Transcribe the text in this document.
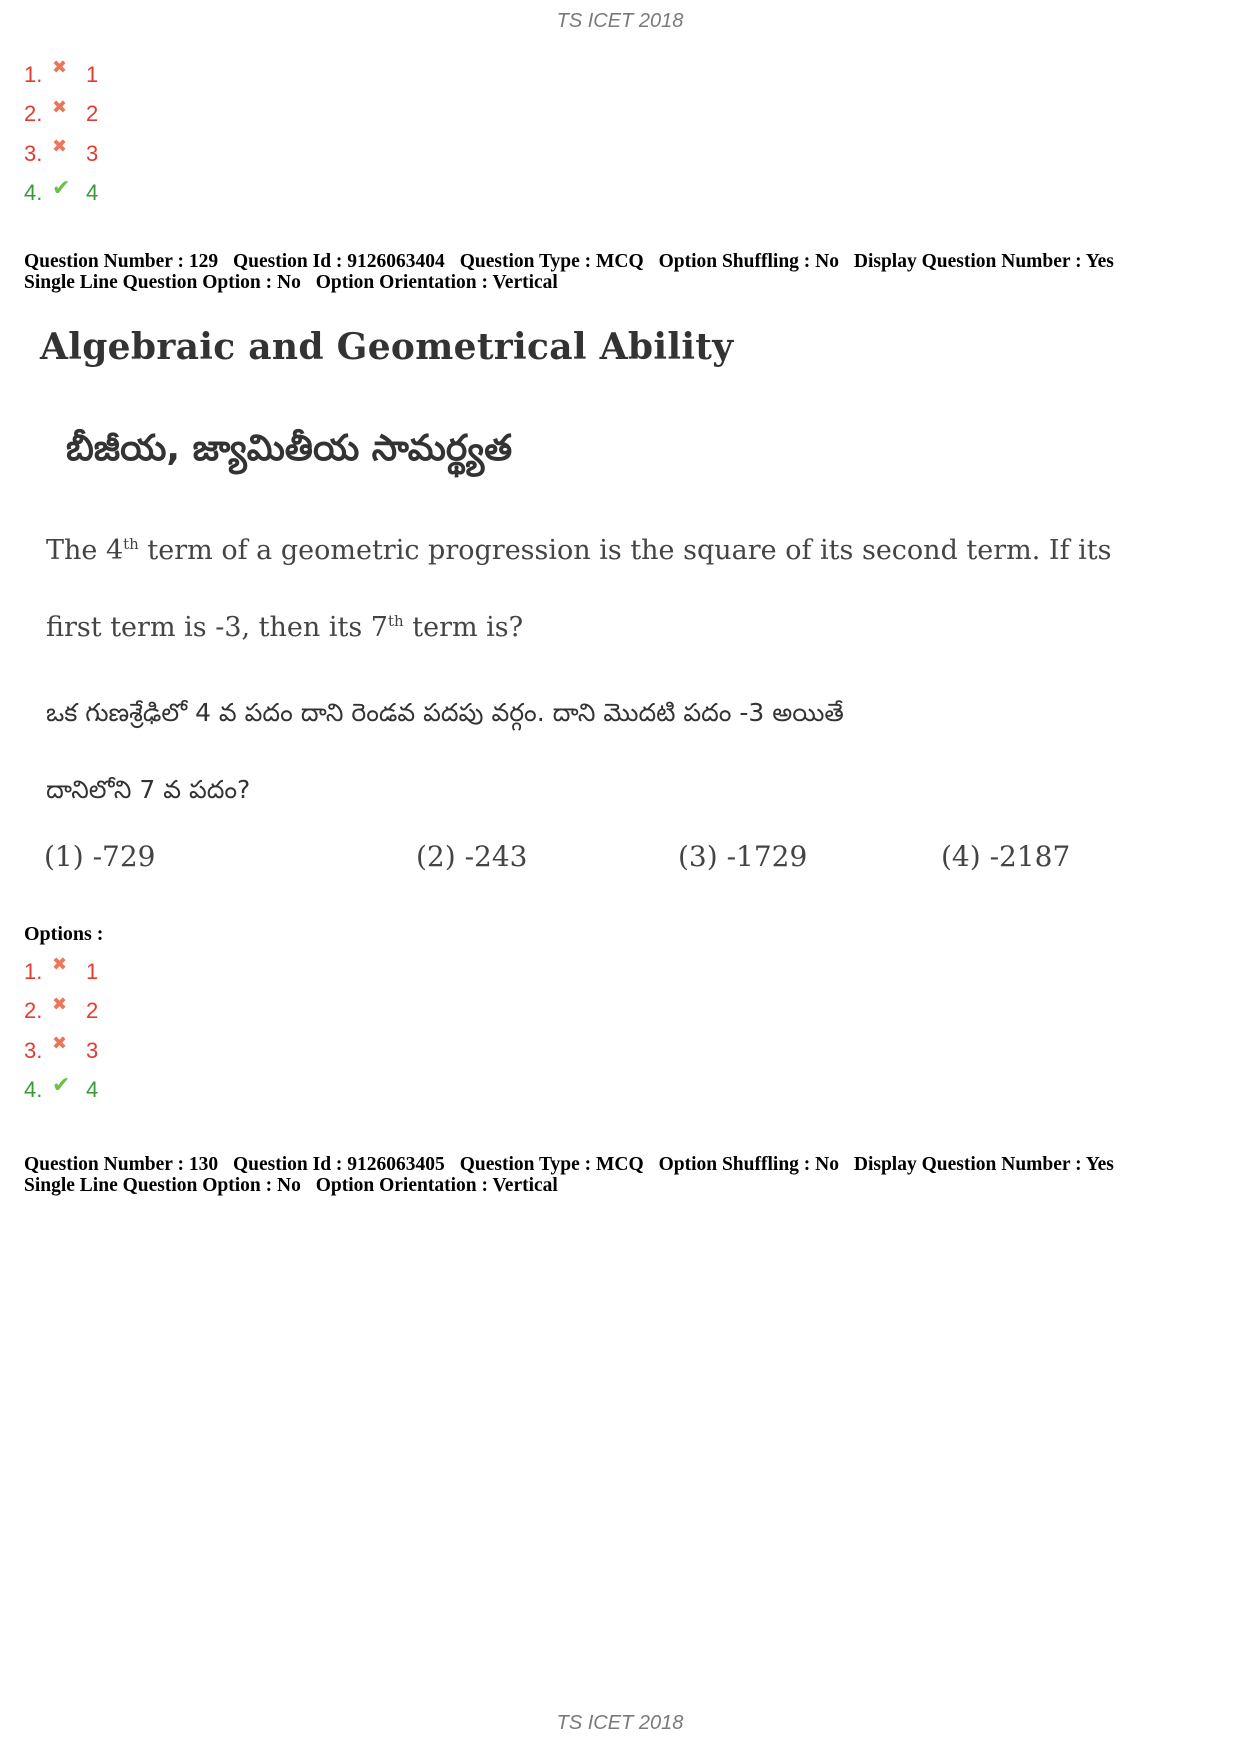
TS ICET 2018
1. ✖ 1
2. ✖ 2
3. ✖ 3
4. ✔ 4
Question Number : 129 Question Id : 9126063404 Question Type : MCQ Option Shuffling : No Display Question Number : Yes
Single Line Question Option : No Option Orientation : Vertical
Algebraic and Geometrical Ability
బీజీయ, జ్యామితీయ సామర్థ్యత
The 4th term of a geometric progression is the square of its second term. If its
first term is -3, then its 7th term is?
ఒక గుణశ్రేఢిలో 4 వ పదం దాని రెండవ పదపు వర్గం. దాని మొదటి పదం -3 అయితే
దానిలోని 7 వ పదం?
(1) -729	(2) -243	(3) -1729	(4) -2187
Options :
1. ✖ 1
2. ✖ 2
3. ✖ 3
4. ✔ 4
Question Number : 130 Question Id : 9126063405 Question Type : MCQ Option Shuffling : No Display Question Number : Yes
Single Line Question Option : No Option Orientation : Vertical
TS ICET 2018
